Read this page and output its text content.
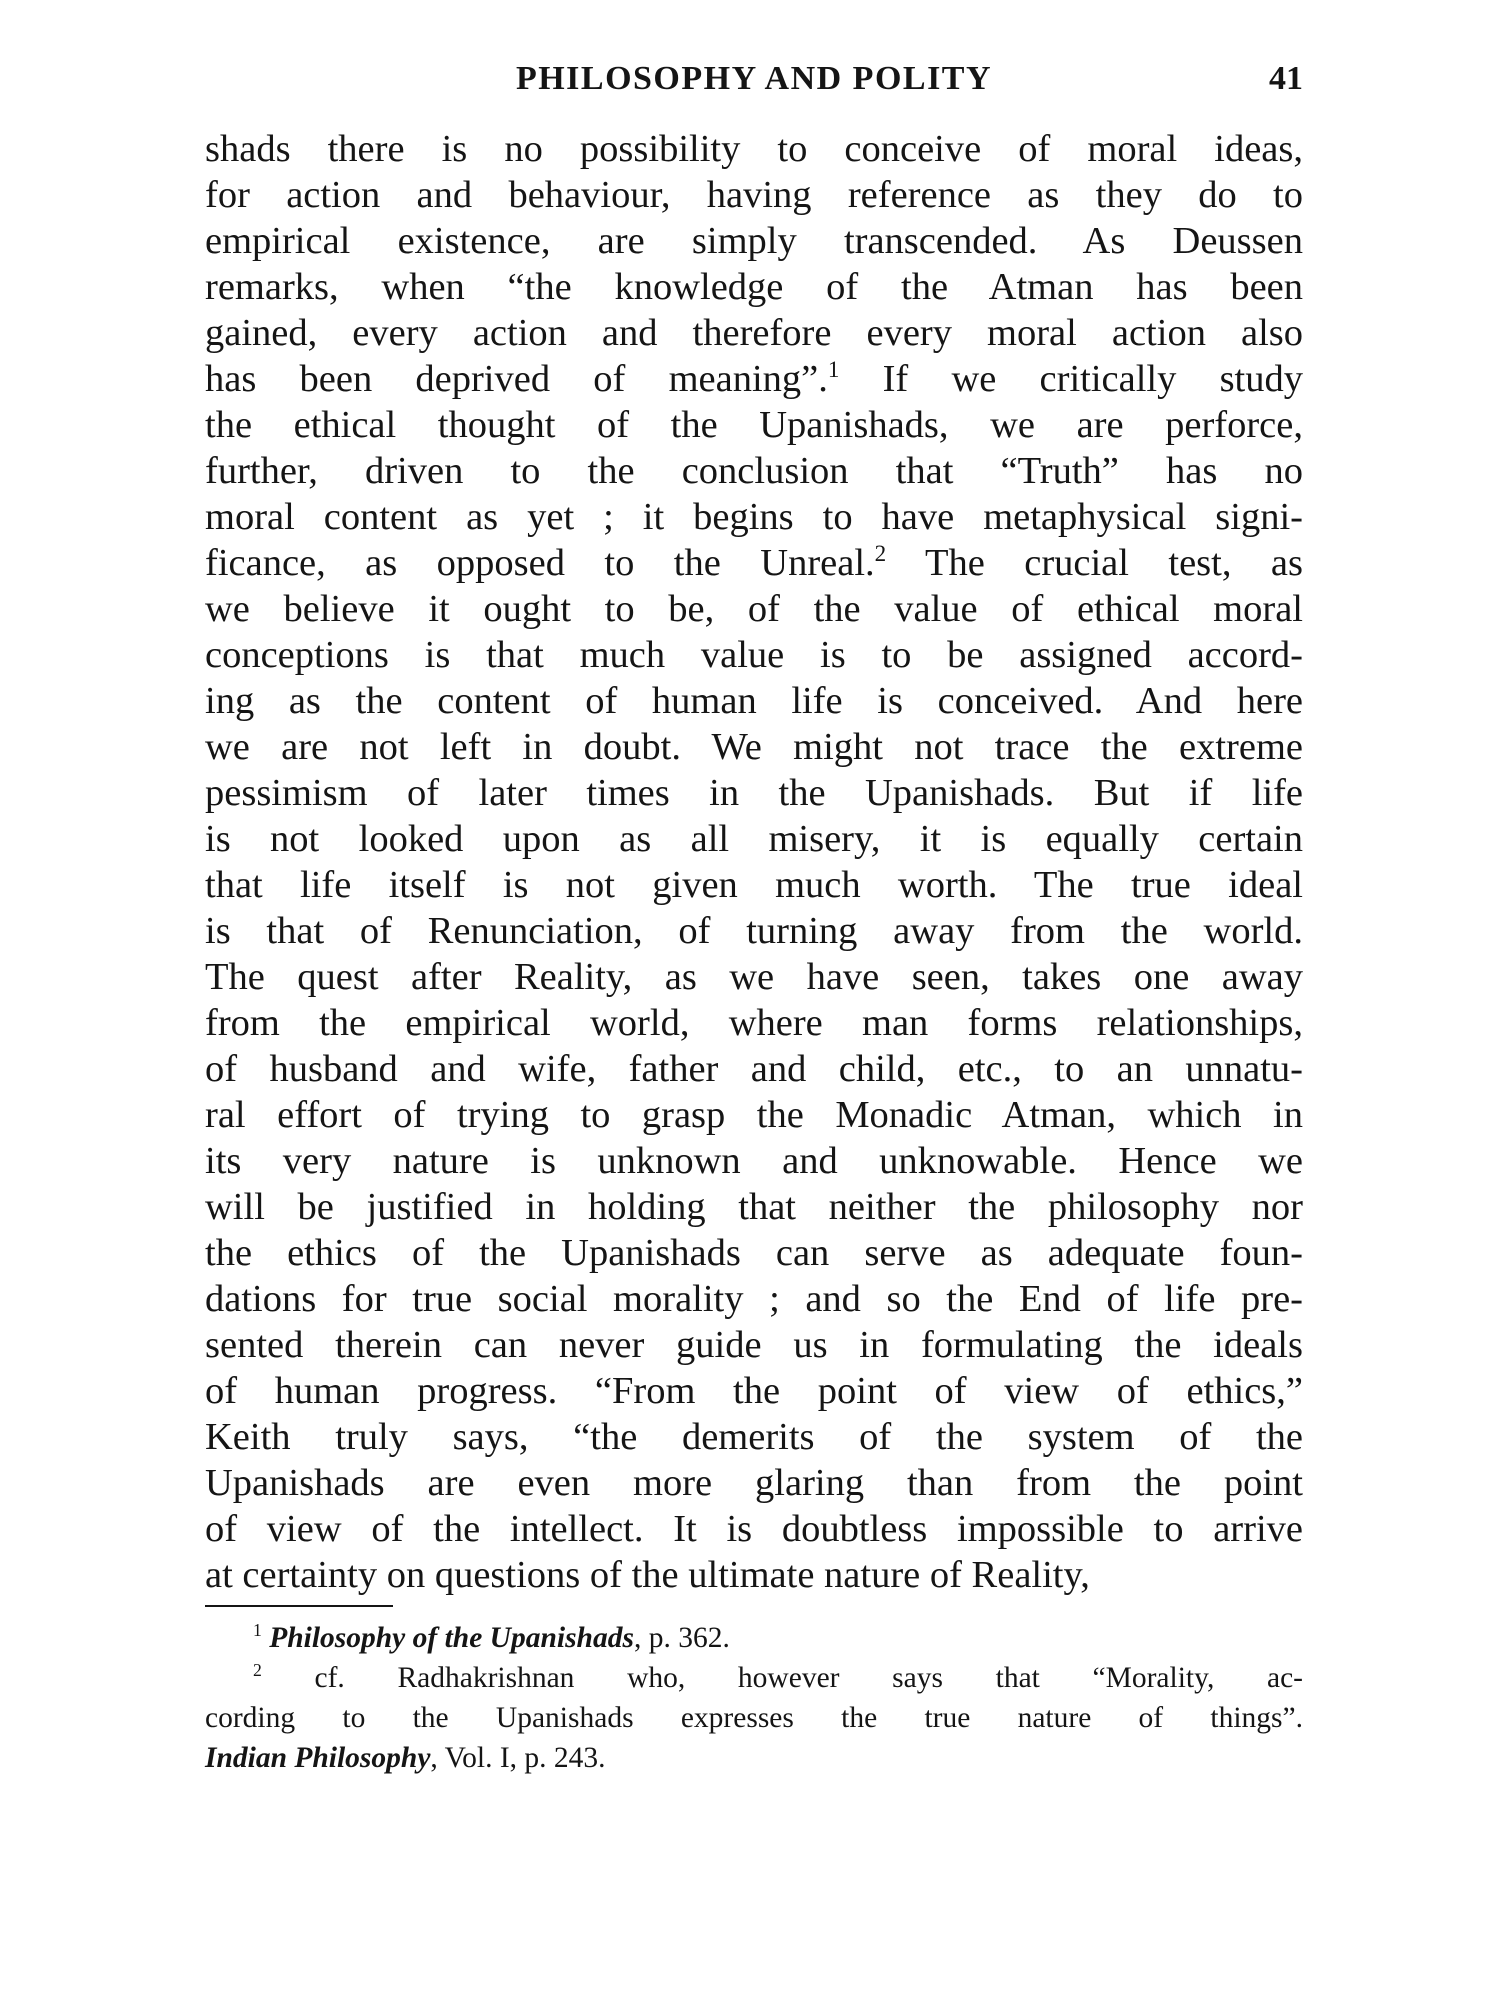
PHILOSOPHY AND POLITY	41
shads there is no possibility to conceive of moral ideas,
for action and behaviour, having reference as they do to
empirical existence, are simply transcended. As Deussen
remarks, when “the knowledge of the Atman has been
gained, every action and therefore every moral action also
has been deprived of meaning”.$^1$ If we critically study
the ethical thought of the Upanishads, we are perforce,
further, driven to the conclusion that “Truth” has no
moral content as yet ; it begins to have metaphysical signi-
ficance, as opposed to the Unreal.$^2$ The crucial test, as
we believe it ought to be, of the value of ethical moral
conceptions is that much value is to be assigned accord-
ing as the content of human life is conceived. And here
we are not left in doubt. We might not trace the extreme
pessimism of later times in the Upanishads. But if life
is not looked upon as all misery, it is equally certain
that life itself is not given much worth. The true ideal
is that of Renunciation, of turning away from the world.
The quest after Reality, as we have seen, takes one away
from the empirical world, where man forms relationships,
of husband and wife, father and child, etc., to an unnatu-
ral effort of trying to grasp the Monadic Atman, which in
its very nature is unknown and unknowable. Hence we
will be justified in holding that neither the philosophy nor
the ethics of the Upanishads can serve as adequate foun-
dations for true social morality ; and so the End of life pre-
sented therein can never guide us in formulating the ideals
of human progress. “From the point of view of ethics,”
Keith truly says, “the demerits of the system of the
Upanishads are even more glaring than from the point
of view of the intellect. It is doubtless impossible to arrive
at certainty on questions of the ultimate nature of Reality,
$^1$ Philosophy of the Upanishads, p. 362.
$^2$ cf. Radhakrishnan who, however says that “Morality, ac-
cording to the Upanishads expresses the true nature of things”.
Indian Philosophy, Vol. I, p. 243.
